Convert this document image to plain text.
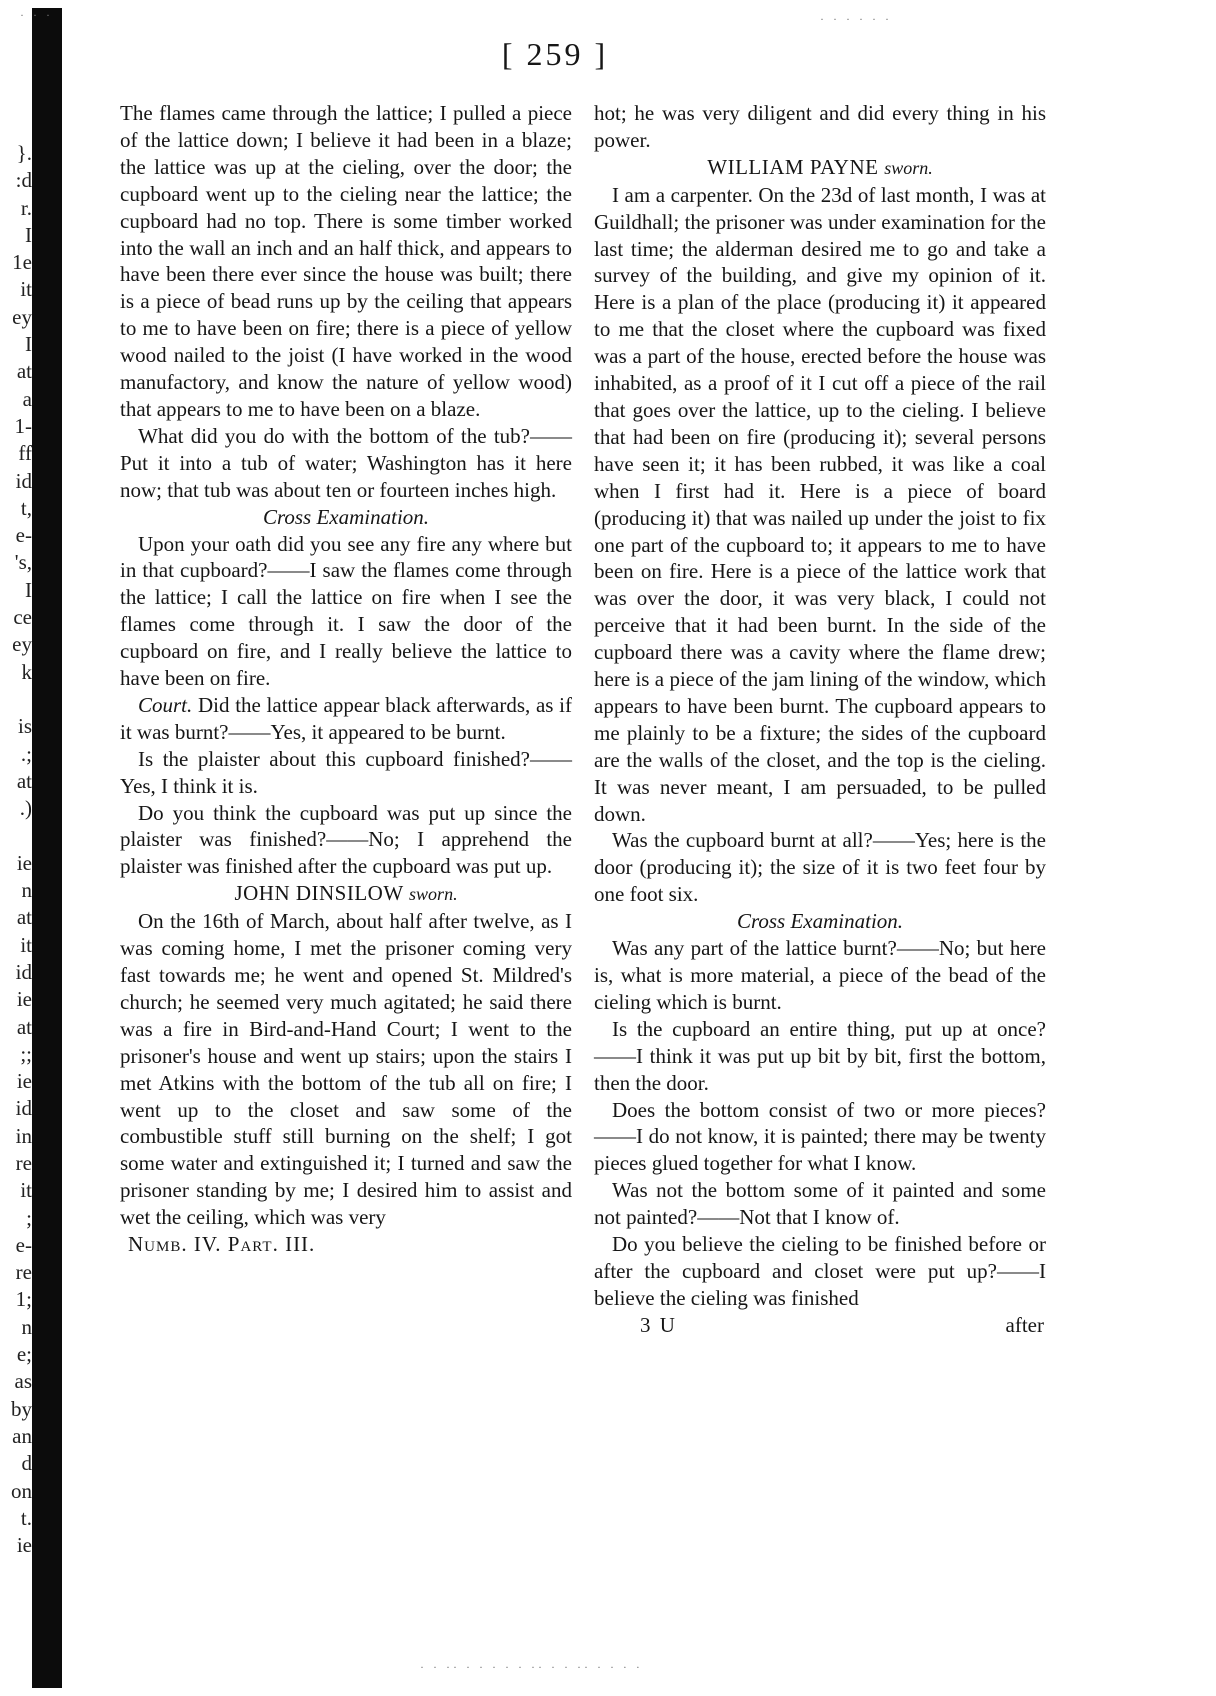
}.
:d
r.
I
1e
it
ey
I
at
a
1-
ff
id
t,
e-
's,
I
ce
ey
k
is
.;
at
.)
ie
n
at
it
id
ie
at
;;
ie
id
in
re
it
;
e-
re
1;
n
e;
as
by
an
d
on
t.
ie
· · ·	· · · · · ·
· · ·· · · · · · ·· · · ·· · · · ·
[ 259 ]
The flames came through the lattice; I pulled a piece of the lattice down; I believe it had been in a blaze; the lattice was up at the cieling, over the door; the cupboard went up to the cieling near the lattice; the cupboard had no top. There is some timber worked into the wall an inch and an half thick, and appears to have been there ever since the house was built; there is a piece of bead runs up by the ceiling that appears to me to have been on fire; there is a piece of yellow wood nailed to the joist (I have worked in the wood manufactory, and know the nature of yellow wood) that appears to me to have been on a blaze.
What did you do with the bottom of the tub?——Put it into a tub of water; Washington has it here now; that tub was about ten or fourteen inches high.
Cross Examination.
Upon your oath did you see any fire any where but in that cupboard?——I saw the flames come through the lattice; I call the lattice on fire when I see the flames come through it. I saw the door of the cupboard on fire, and I really believe the lattice to have been on fire.
Court. Did the lattice appear black afterwards, as if it was burnt?——Yes, it appeared to be burnt.
Is the plaister about this cupboard finished?——Yes, I think it is.
Do you think the cupboard was put up since the plaister was finished?——No; I apprehend the plaister was finished after the cupboard was put up.
JOHN DINSILOW sworn.
On the 16th of March, about half after twelve, as I was coming home, I met the prisoner coming very fast towards me; he went and opened St. Mildred's church; he seemed very much agitated; he said there was a fire in Bird-and-Hand Court; I went to the prisoner's house and went up stairs; upon the stairs I met Atkins with the bottom of the tub all on fire; I went up to the closet and saw some of the combustible stuff still burning on the shelf; I got some water and extinguished it; I turned and saw the prisoner standing by me; I desired him to assist and wet the ceiling, which was very
Numb. IV. Part. III.
hot; he was very diligent and did every thing in his power.
WILLIAM PAYNE sworn.
I am a carpenter. On the 23d of last month, I was at Guildhall; the prisoner was under examination for the last time; the alderman desired me to go and take a survey of the building, and give my opinion of it. Here is a plan of the place (producing it) it appeared to me that the closet where the cupboard was fixed was a part of the house, erected before the house was inhabited, as a proof of it I cut off a piece of the rail that goes over the lattice, up to the cieling. I believe that had been on fire (producing it); several persons have seen it; it has been rubbed, it was like a coal when I first had it. Here is a piece of board (producing it) that was nailed up under the joist to fix one part of the cupboard to; it appears to me to have been on fire. Here is a piece of the lattice work that was over the door, it was very black, I could not perceive that it had been burnt. In the side of the cupboard there was a cavity where the flame drew; here is a piece of the jam lining of the window, which appears to have been burnt. The cupboard appears to me plainly to be a fixture; the sides of the cupboard are the walls of the closet, and the top is the cieling. It was never meant, I am persuaded, to be pulled down.
Was the cupboard burnt at all?——Yes; here is the door (producing it); the size of it is two feet four by one foot six.
Cross Examination.
Was any part of the lattice burnt?——No; but here is, what is more material, a piece of the bead of the cieling which is burnt.
Is the cupboard an entire thing, put up at once?——I think it was put up bit by bit, first the bottom, then the door.
Does the bottom consist of two or more pieces?——I do not know, it is painted; there may be twenty pieces glued together for what I know.
Was not the bottom some of it painted and some not painted?——Not that I know of.
Do you believe the cieling to be finished before or after the cupboard and closet were put up?——I believe the cieling was finished
3 U	after
